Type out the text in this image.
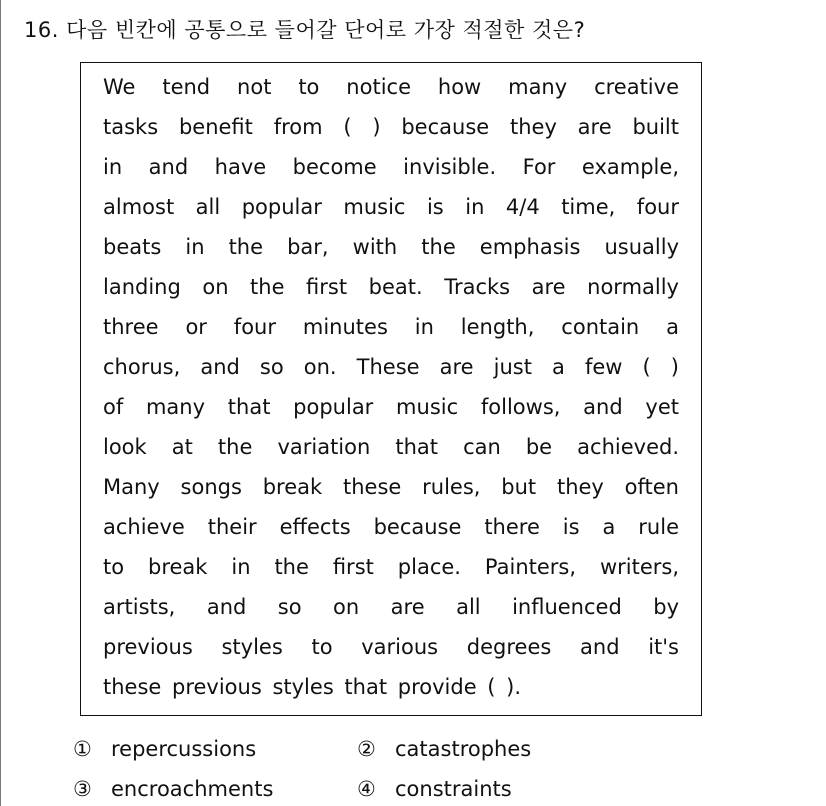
16. 다음 빈칸에 공통으로 들어갈 단어로 가장 적절한 것은?
We tend not to notice how many creative
tasks benefit from ( ) because they are built
in and have become invisible. For example,
almost all popular music is in 4/4 time, four
beats in the bar, with the emphasis usually
landing on the first beat. Tracks are normally
three or four minutes in length, contain a
chorus, and so on. These are just a few ( )
of many that popular music follows, and yet
look at the variation that can be achieved.
Many songs break these rules, but they often
achieve their effects because there is a rule
to break in the first place. Painters, writers,
artists, and so on are all influenced by
previous styles to various degrees and it's
these previous styles that provide ( ).
① repercussions	② catastrophes
③ encroachments	④ constraints
